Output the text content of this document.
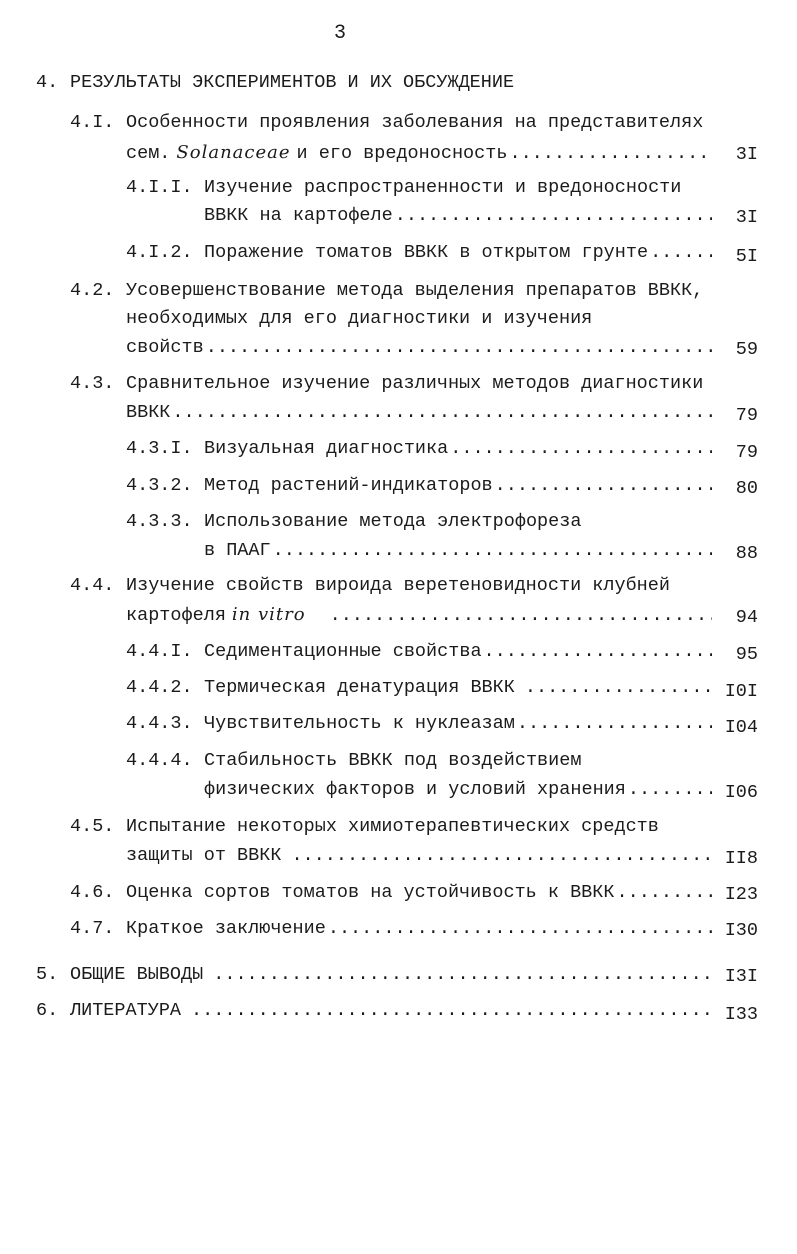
3
4. РЕЗУЛЬТАТЫ ЭКСПЕРИМЕНТОВ И ИХ ОБСУЖДЕНИЕ
4.I. Особенности проявления заболевания на представителях
сем. Solanaceae и его вредоносность .....	3I
4.I.I. Изучение распространенности и вредоносности
ВВКК на картофеле .....	3I
4.I.2. Поражение томатов ВВКК в открытом грунте .....	5I
4.2. Усовершенствование метода выделения препаратов ВВКК,
необходимых для его диагностики и изучения
свойств .....	59
4.3. Сравнительное изучение различных методов диагностики
ВВКК .....	79
4.3.I. Визуальная диагностика .....	79
4.3.2. Метод растений-индикаторов .....	80
4.3.3. Использование метода электрофореза
в ПААГ .....	88
4.4. Изучение свойств вироида веретеновидности клубней
картофеля in vitro .....	94
4.4.I. Седиментационные свойства .....	95
4.4.2. Термическая денатурация ВВКК .....	I0I
4.4.3. Чувствительность к нуклеазам .....	I04
4.4.4. Стабильность ВВКК под воздействием
физических факторов и условий хранения .....	I06
4.5. Испытание некоторых химиотерапевтических средств
защиты от ВВКК .....	II8
4.6. Оценка сортов томатов на устойчивость к ВВКК .....	I23
4.7. Краткое заключение .....	I30
5. ОБЩИЕ ВЫВОДЫ .....	I3I
6. ЛИТЕРАТУРА .....	I33
